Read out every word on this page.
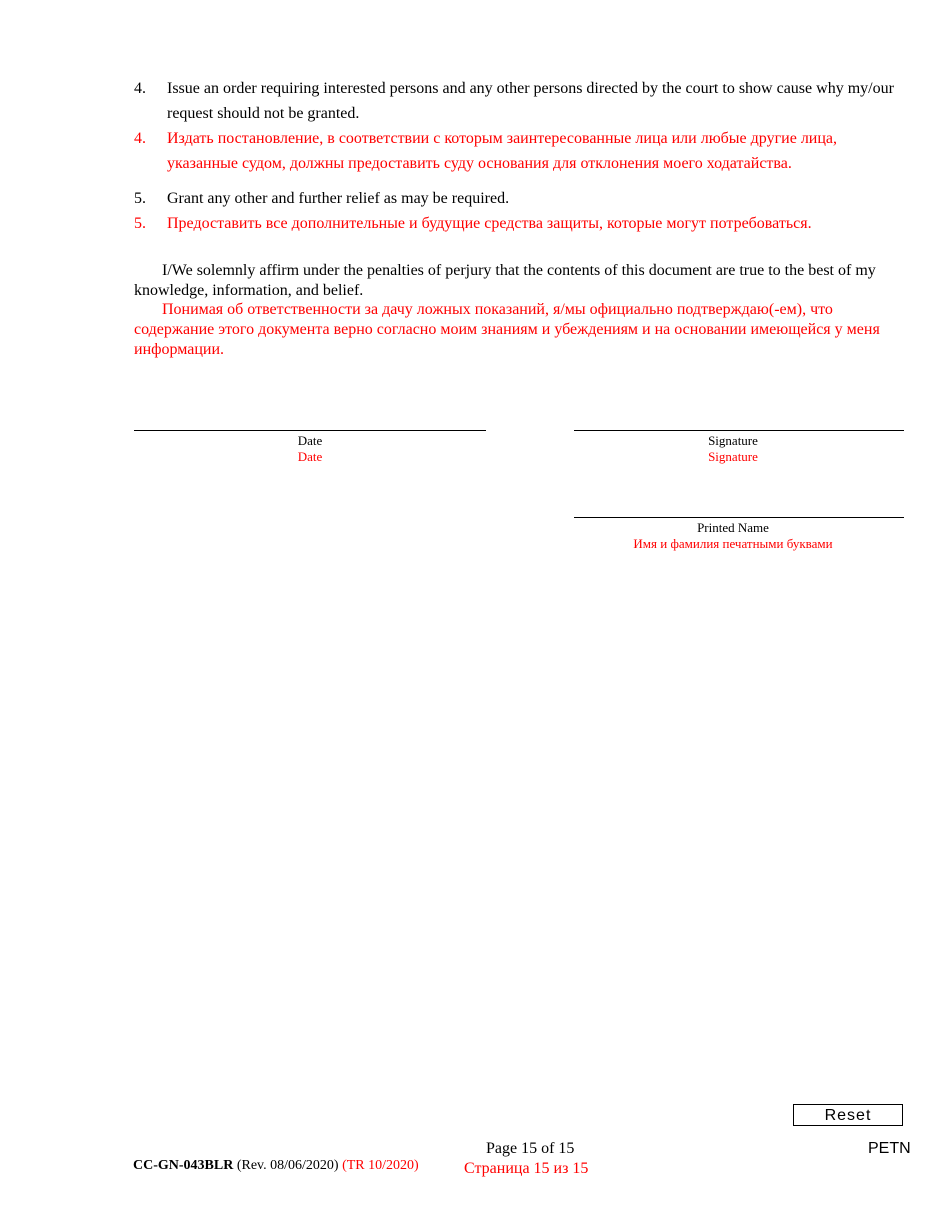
4. Issue an order requiring interested persons and any other persons directed by the court to show cause why my/our request should not be granted.
4. Издать постановление, в соответствии с которым заинтересованные лица или любые другие лица, указанные судом, должны предоставить суду основания для отклонения моего ходатайства.
5. Grant any other and further relief as may be required.
5. Предоставить все дополнительные и будущие средства защиты, которые могут потребоваться.
I/We solemnly affirm under the penalties of perjury that the contents of this document are true to the best of my knowledge, information, and belief.
Понимая об ответственности за дачу ложных показаний, я/мы официально подтверждаю(-ем), что содержание этого документа верно согласно моим знаниям и убеждениям и на основании имеющейся у меня информации.
Date
Date
Signature
Signature
Printed Name
Имя и фамилия печатными буквами
Reset
PETN
Page 15 of 15
Страница 15 из 15
CC-GN-043BLR (Rev. 08/06/2020) (TR 10/2020)
